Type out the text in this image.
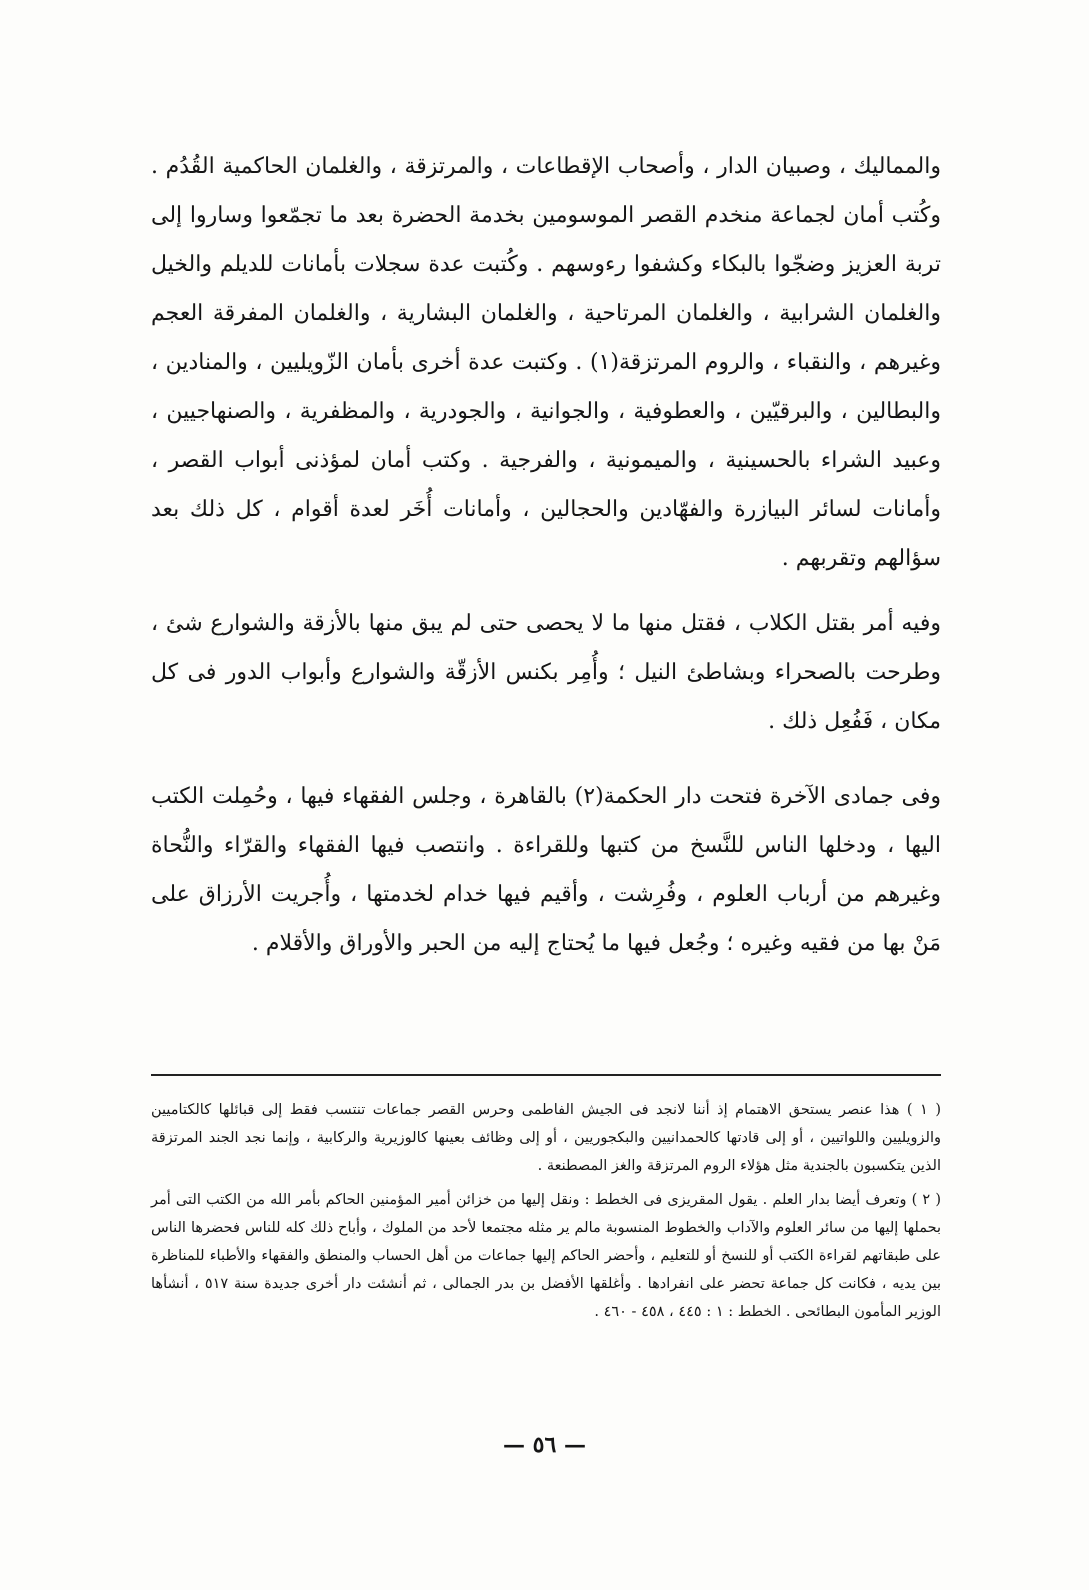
والمماليك ، وصبيان الدار ، وأصحاب الإقطاعات ، والمرتزقة ، والغلمان الحاكمية القُدُم . وكُتب أمان لجماعة منخدم القصر الموسومين بخدمة الحضرة بعد ما تجمّعوا وساروا إلى تربة العزيز وضجّوا بالبكاء وكشفوا رءوسهم . وكُتبت عدة سجلات بأمانات للديلم والخيل والغلمان الشرابية ، والغلمان المرتاحية ، والغلمان البشارية ، والغلمان المفرقة العجم وغيرهم ، والنقباء ، والروم المرتزقة(١) . وكتبت عدة أخرى بأمان الزّويليين ، والمنادين ، والبطالين ، والبرقيّين ، والعطوفية ، والجوانية ، والجودرية ، والمظفرية ، والصنهاجيين ، وعبيد الشراء بالحسينية ، والميمونية ، والفرجية . وكتب أمان لمؤذنى أبواب القصر ، وأمانات لسائر البيازرة والفهّادين والحجالين ، وأمانات أُخَر لعدة أقوام ، كل ذلك بعد سؤالهم وتقربهم .

وفيه أمر بقتل الكلاب ، فقتل منها ما لا يحصى حتى لم يبق منها بالأزقة والشوارع شئ ، وطرحت بالصحراء وبشاطئ النيل ؛ وأُمِر بكنس الأزقّة والشوارع وأبواب الدور فى كل مكان ، فَفُعِل ذلك .

وفى جمادى الآخرة فتحت دار الحكمة(٢) بالقاهرة ، وجلس الفقهاء فيها ، وحُمِلت الكتب اليها ، ودخلها الناس للنَّسخ من كتبها وللقراءة . وانتصب فيها الفقهاء والقرّاء والنُّحاة وغيرهم من أرباب العلوم ، وفُرِشت ، وأقيم فيها خدام لخدمتها ، وأُجريت الأرزاق على مَنْ بها من فقيه وغيره ؛ وجُعل فيها ما يُحتاج إليه من الحبر والأوراق والأقلام .

( ١ ) هذا عنصر يستحق الاهتمام إذ أننا لانجد فى الجيش الفاطمى وحرس القصر جماعات تنتسب فقط إلى قبائلها كالكتاميين والزويليين واللواتيين ، أو إلى قادتها كالحمدانيين والبكجوريين ، أو إلى وظائف بعينها كالوزيرية والركابية ، وإنما نجد الجند المرتزقة الذين يتكسبون بالجندية مثل هؤلاء الروم المرتزقة والغز المصطنعة .

( ٢ ) وتعرف أيضا بدار العلم . يقول المقريزى فى الخطط : ونقل إليها من خزائن أمير المؤمنين الحاكم بأمر الله من الكتب التى أمر بحملها إليها من سائر العلوم والآداب والخطوط المنسوبة مالم ير مثله مجتمعا لأحد من الملوك ، وأباح ذلك كله للناس فحضرها الناس على طبقاتهم لقراءة الكتب أو للنسخ أو للتعليم ، وأحضر الحاكم إليها جماعات من أهل الحساب والمنطق والفقهاء والأطباء للمناظرة بين يديه ، فكانت كل جماعة تحضر على انفرادها . وأغلقها الأفضل بن بدر الجمالى ، ثم أنشئت دار أخرى جديدة سنة ٥١٧ ، أنشأها الوزير المأمون البطائحى . الخطط : ١ : ٤٤٥ ، ٤٥٨ - ٤٦٠ .

— ٥٦ —
